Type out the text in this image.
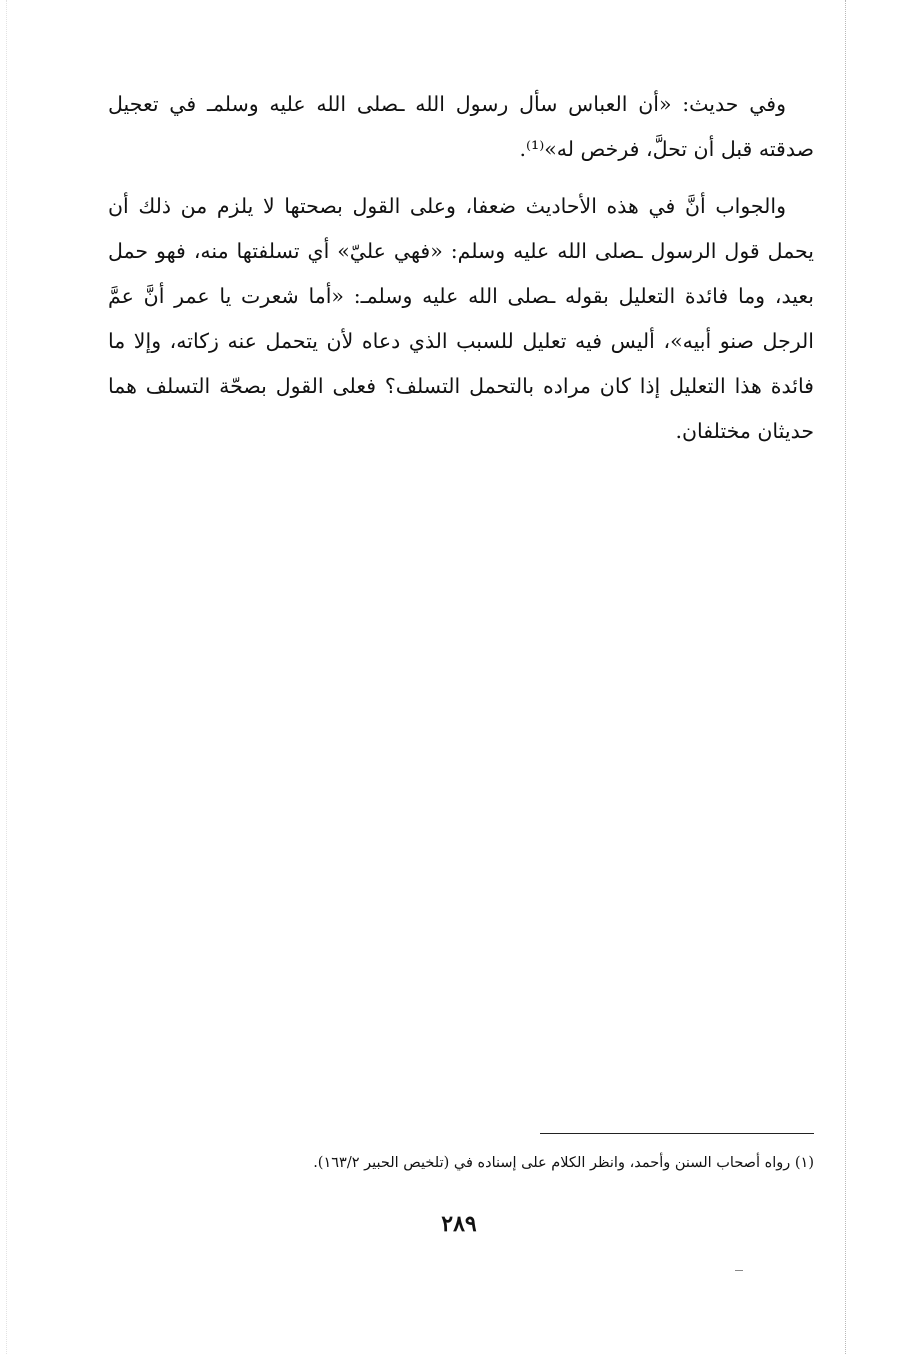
وفي حديث: «أن العباس سأل رسول الله ـصلى الله عليه وسلمـ في تعجيل صدقته قبل أن تحلَّ، فرخص له»⁽¹⁾.

والجواب أنَّ في هذه الأحاديث ضعفا، وعلى القول بصحتها لا يلزم من ذلك أن يحمل قول الرسول ـصلى الله عليه وسلم: «فهي عليّ» أي تسلفتها منه، فهو حمل بعيد، وما فائدة التعليل بقوله ـصلى الله عليه وسلمـ: «أما شعرت يا عمر أنَّ عمَّ الرجل صنو أبيه»، أليس فيه تعليل للسبب الذي دعاه لأن يتحمل عنه زكاته، وإلا ما فائدة هذا التعليل إذا كان مراده بالتحمل التسلف؟ فعلى القول بصحّة التسلف هما حديثان مختلفان.

(١) رواه أصحاب السنن وأحمد، وانظر الكلام على إسناده في (تلخيص الحبير ١٦٣/٢).
٢٨٩
